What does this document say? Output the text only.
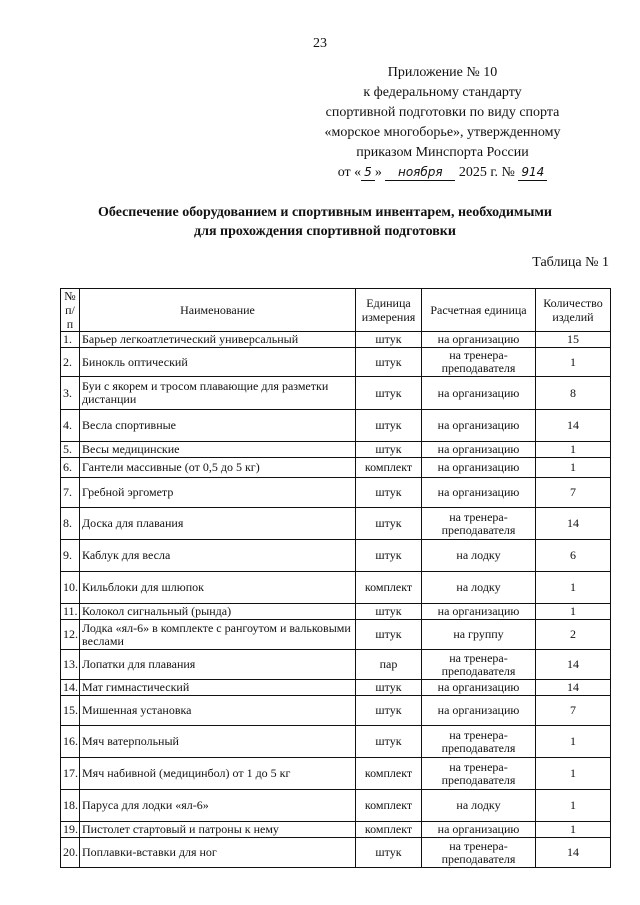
23
Приложение № 10
к федеральному стандарту
спортивной подготовки по виду спорта
«морское многоборье», утвержденному
приказом Минспорта России
от « 5 » ноября 2025 г. № 914
Обеспечение оборудованием и спортивным инвентарем, необходимыми
для прохождения спортивной подготовки
Таблица № 1
№ п/п	Наименование	Единица измерения	Расчетная единица	Количество изделий
1.	Барьер легкоатлетический универсальный	штук	на организацию	15
2.	Бинокль оптический	штук	на тренера-преподавателя	1
3.	Буи с якорем и тросом плавающие для разметки дистанции	штук	на организацию	8
4.	Весла спортивные	штук	на организацию	14
5.	Весы медицинские	штук	на организацию	1
6.	Гантели массивные (от 0,5 до 5 кг)	комплект	на организацию	1
7.	Гребной эргометр	штук	на организацию	7
8.	Доска для плавания	штук	на тренера-преподавателя	14
9.	Каблук для весла	штук	на лодку	6
10.	Кильблоки для шлюпок	комплект	на лодку	1
11.	Колокол сигнальный (рында)	штук	на организацию	1
12.	Лодка «ял-6» в комплекте с рангоутом и вальковыми веслами	штук	на группу	2
13.	Лопатки для плавания	пар	на тренера-преподавателя	14
14.	Мат гимнастический	штук	на организацию	14
15.	Мишенная установка	штук	на организацию	7
16.	Мяч ватерпольный	штук	на тренера-преподавателя	1
17.	Мяч набивной (медицинбол) от 1 до 5 кг	комплект	на тренера-преподавателя	1
18.	Паруса для лодки «ял-6»	комплект	на лодку	1
19.	Пистолет стартовый и патроны к нему	комплект	на организацию	1
20.	Поплавки-вставки для ног	штук	на тренера-преподавателя	14
